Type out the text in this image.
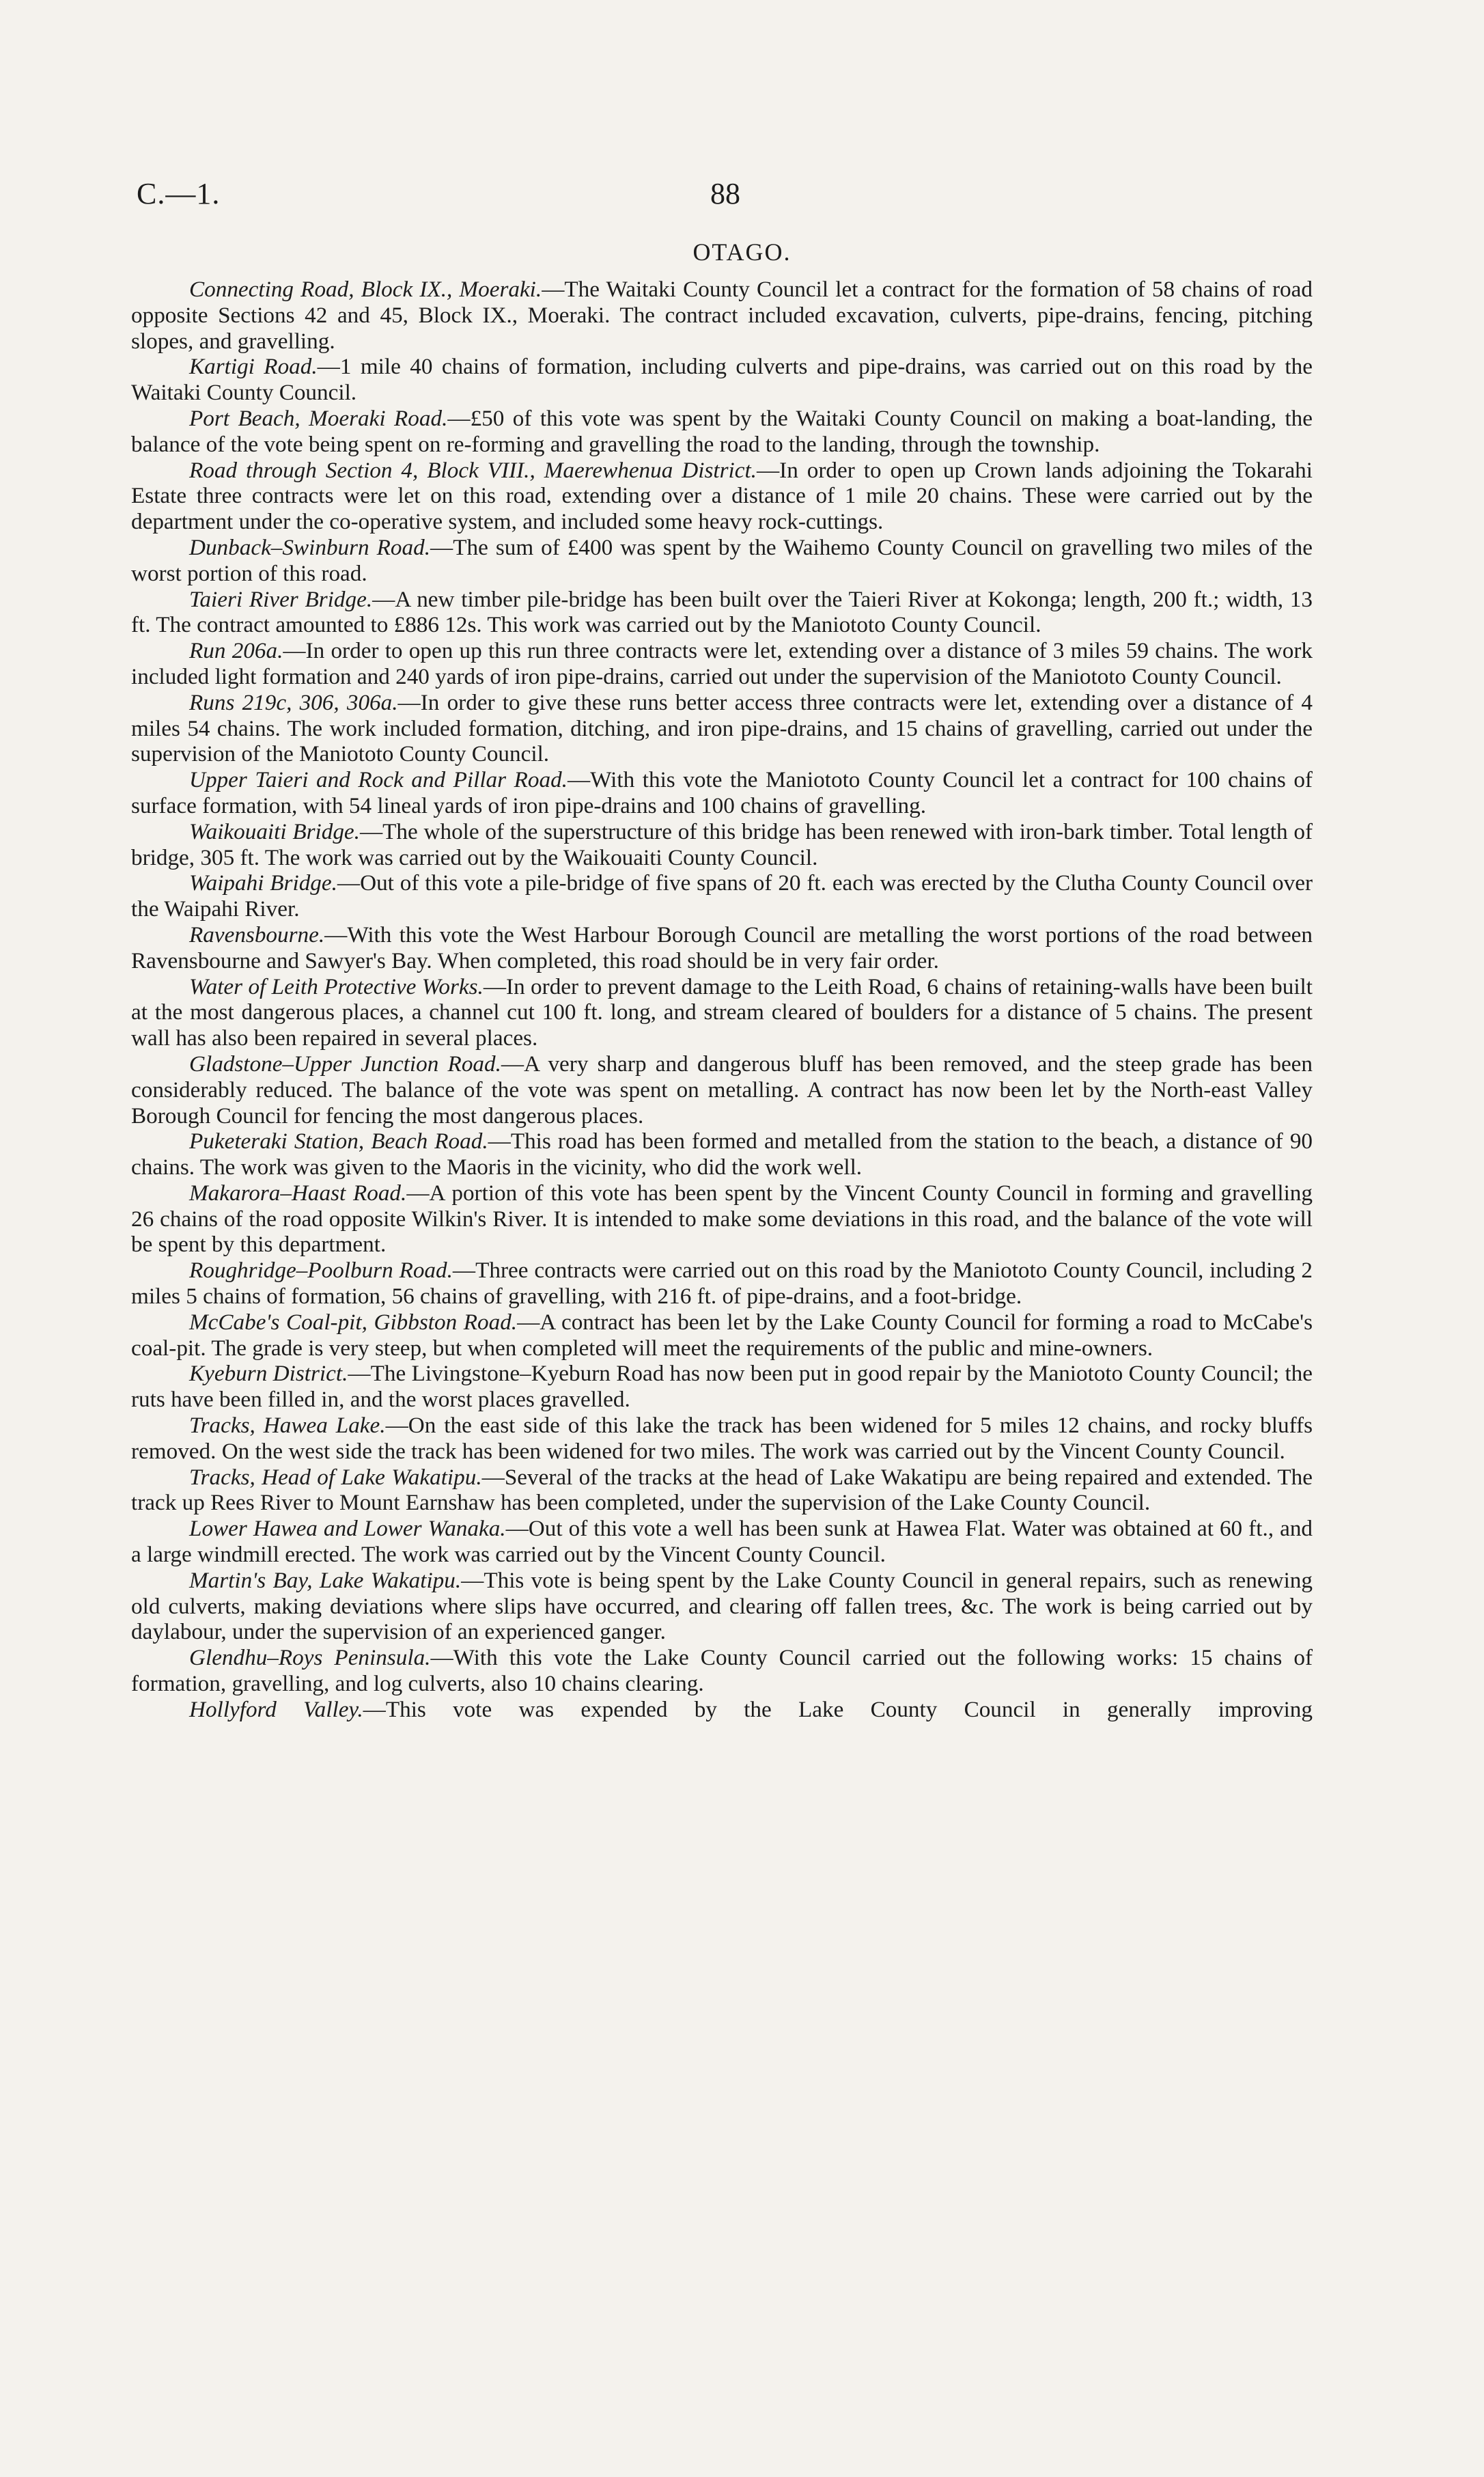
C.—1.	88
OTAGO.

Connecting Road, Block IX., Moeraki.—The Waitaki County Council let a contract for the formation of 58 chains of road opposite Sections 42 and 45, Block IX., Moeraki. The contract included excavation, culverts, pipe-drains, fencing, pitching slopes, and gravelling.

Kartigi Road.—1 mile 40 chains of formation, including culverts and pipe-drains, was carried out on this road by the Waitaki County Council.

Port Beach, Moeraki Road.—£50 of this vote was spent by the Waitaki County Council on making a boat-landing, the balance of the vote being spent on re-forming and gravelling the road to the landing, through the township.

Road through Section 4, Block VIII., Maerewhenua District.—In order to open up Crown lands adjoining the Tokarahi Estate three contracts were let on this road, extending over a distance of 1 mile 20 chains. These were carried out by the department under the co-operative system, and included some heavy rock-cuttings.

Dunback–Swinburn Road.—The sum of £400 was spent by the Waihemo County Council on gravelling two miles of the worst portion of this road.

Taieri River Bridge.—A new timber pile-bridge has been built over the Taieri River at Kokonga; length, 200 ft.; width, 13 ft. The contract amounted to £886 12s. This work was carried out by the Maniototo County Council.

Run 206a.—In order to open up this run three contracts were let, extending over a distance of 3 miles 59 chains. The work included light formation and 240 yards of iron pipe-drains, carried out under the supervision of the Maniototo County Council.

Runs 219c, 306, 306a.—In order to give these runs better access three contracts were let, extending over a distance of 4 miles 54 chains. The work included formation, ditching, and iron pipe-drains, and 15 chains of gravelling, carried out under the supervision of the Maniototo County Council.

Upper Taieri and Rock and Pillar Road.—With this vote the Maniototo County Council let a contract for 100 chains of surface formation, with 54 lineal yards of iron pipe-drains and 100 chains of gravelling.

Waikouaiti Bridge.—The whole of the superstructure of this bridge has been renewed with iron-bark timber. Total length of bridge, 305 ft. The work was carried out by the Waikouaiti County Council.

Waipahi Bridge.—Out of this vote a pile-bridge of five spans of 20 ft. each was erected by the Clutha County Council over the Waipahi River.

Ravensbourne.—With this vote the West Harbour Borough Council are metalling the worst portions of the road between Ravensbourne and Sawyer's Bay. When completed, this road should be in very fair order.

Water of Leith Protective Works.—In order to prevent damage to the Leith Road, 6 chains of retaining-walls have been built at the most dangerous places, a channel cut 100 ft. long, and stream cleared of boulders for a distance of 5 chains. The present wall has also been repaired in several places.

Gladstone–Upper Junction Road.—A very sharp and dangerous bluff has been removed, and the steep grade has been considerably reduced. The balance of the vote was spent on metalling. A contract has now been let by the North-east Valley Borough Council for fencing the most dangerous places.

Puketeraki Station, Beach Road.—This road has been formed and metalled from the station to the beach, a distance of 90 chains. The work was given to the Maoris in the vicinity, who did the work well.

Makarora–Haast Road.—A portion of this vote has been spent by the Vincent County Council in forming and gravelling 26 chains of the road opposite Wilkin's River. It is intended to make some deviations in this road, and the balance of the vote will be spent by this department.

Roughridge–Poolburn Road.—Three contracts were carried out on this road by the Maniototo County Council, including 2 miles 5 chains of formation, 56 chains of gravelling, with 216 ft. of pipe-drains, and a foot-bridge.

McCabe's Coal-pit, Gibbston Road.—A contract has been let by the Lake County Council for forming a road to McCabe's coal-pit. The grade is very steep, but when completed will meet the requirements of the public and mine-owners.

Kyeburn District.—The Livingstone–Kyeburn Road has now been put in good repair by the Maniototo County Council; the ruts have been filled in, and the worst places gravelled.

Tracks, Hawea Lake.—On the east side of this lake the track has been widened for 5 miles 12 chains, and rocky bluffs removed. On the west side the track has been widened for two miles. The work was carried out by the Vincent County Council.

Tracks, Head of Lake Wakatipu.—Several of the tracks at the head of Lake Wakatipu are being repaired and extended. The track up Rees River to Mount Earnshaw has been completed, under the supervision of the Lake County Council.

Lower Hawea and Lower Wanaka.—Out of this vote a well has been sunk at Hawea Flat. Water was obtained at 60 ft., and a large windmill erected. The work was carried out by the Vincent County Council.

Martin's Bay, Lake Wakatipu.—This vote is being spent by the Lake County Council in general repairs, such as renewing old culverts, making deviations where slips have occurred, and clearing off fallen trees, &c. The work is being carried out by daylabour, under the supervision of an experienced ganger.

Glendhu–Roys Peninsula.—With this vote the Lake County Council carried out the following works: 15 chains of formation, gravelling, and log culverts, also 10 chains clearing.

Hollyford Valley.—This vote was expended by the Lake County Council in generally improving
